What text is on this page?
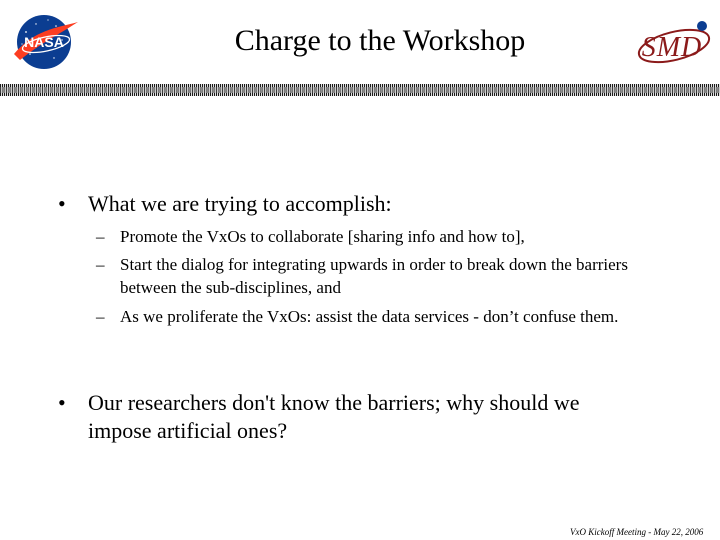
NASA	Charge to the Workshop	SMD
• What we are trying to accomplish:
– Promote the VxOs to collaborate [sharing info and how to],
– Start the dialog for integrating upwards in order to break down the barriers between the sub-disciplines, and
– As we proliferate the VxOs: assist the data services - don’t confuse them.
• Our researchers don't know the barriers; why should we impose artificial ones?
VxO Kickoff Meeting - May 22, 2006
